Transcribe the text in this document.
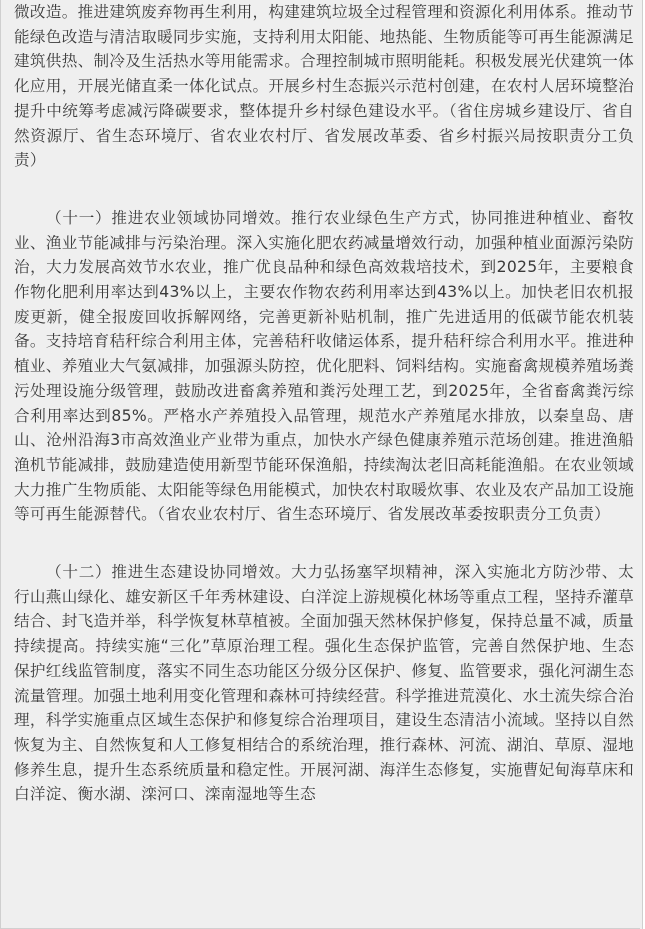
微改造。推进建筑废弃物再生利用，构建建筑垃圾全过程管理和资源化利用体系。推动节能绿色改造与清洁取暖同步实施，支持利用太阳能、地热能、生物质能等可再生能源满足建筑供热、制冷及生活热水等用能需求。合理控制城市照明能耗。积极发展光伏建筑一体化应用，开展光储直柔一体化试点。开展乡村生态振兴示范村创建，在农村人居环境整治提升中统筹考虑减污降碳要求，整体提升乡村绿色建设水平。（省住房城乡建设厅、省自然资源厅、省生态环境厅、省农业农村厅、省发展改革委、省乡村振兴局按职责分工负责）

（十一）推进农业领域协同增效。推行农业绿色生产方式，协同推进种植业、畜牧业、渔业节能减排与污染治理。深入实施化肥农药减量增效行动，加强种植业面源污染防治，大力发展高效节水农业，推广优良品种和绿色高效栽培技术，到2025年，主要粮食作物化肥利用率达到43%以上，主要农作物农药利用率达到43%以上。加快老旧农机报废更新，健全报废回收拆解网络，完善更新补贴机制，推广先进适用的低碳节能农机装备。支持培育秸秆综合利用主体，完善秸秆收储运体系，提升秸秆综合利用水平。推进种植业、养殖业大气氨减排，加强源头防控，优化肥料、饲料结构。实施畜禽规模养殖场粪污处理设施分级管理，鼓励改进畜禽养殖和粪污处理工艺，到2025年，全省畜禽粪污综合利用率达到85%。严格水产养殖投入品管理，规范水产养殖尾水排放，以秦皇岛、唐山、沧州沿海3市高效渔业产业带为重点，加快水产绿色健康养殖示范场创建。推进渔船渔机节能减排，鼓励建造使用新型节能环保渔船，持续淘汰老旧高耗能渔船。在农业领域大力推广生物质能、太阳能等绿色用能模式，加快农村取暖炊事、农业及农产品加工设施等可再生能源替代。（省农业农村厅、省生态环境厅、省发展改革委按职责分工负责）

（十二）推进生态建设协同增效。大力弘扬塞罕坝精神，深入实施北方防沙带、太行山燕山绿化、雄安新区千年秀林建设、白洋淀上游规模化林场等重点工程，坚持乔灌草结合、封飞造并举，科学恢复林草植被。全面加强天然林保护修复，保持总量不减，质量持续提高。持续实施“三化”草原治理工程。强化生态保护监管，完善自然保护地、生态保护红线监管制度，落实不同生态功能区分级分区保护、修复、监管要求，强化河湖生态流量管理。加强土地利用变化管理和森林可持续经营。科学推进荒漠化、水土流失综合治理，科学实施重点区域生态保护和修复综合治理项目，建设生态清洁小流域。坚持以自然恢复为主、自然恢复和人工修复相结合的系统治理，推行森林、河流、湖泊、草原、湿地修养生息，提升生态系统质量和稳定性。开展河湖、海洋生态修复，实施曹妃甸海草床和白洋淀、衡水湖、滦河口、滦南湿地等生态
